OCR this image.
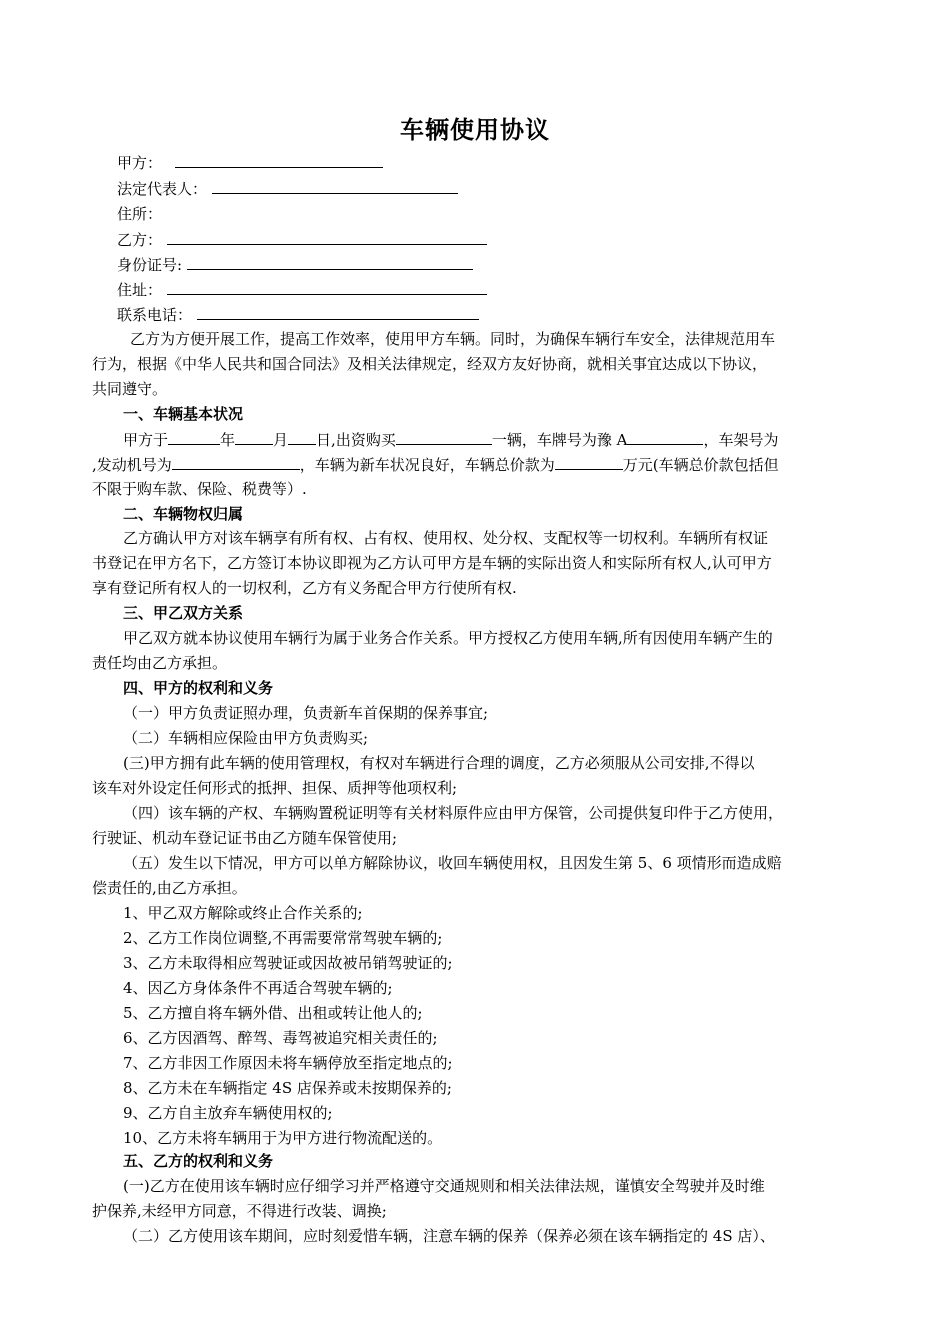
车辆使用协议
甲方：
法定代表人：
住所：
乙方：
身份证号:
住址：
联系电话：
乙方为方便开展工作，提高工作效率，使用甲方车辆。同时，为确保车辆行车安全，法律规范用车
行为，根据《中华人民共和国合同法》及相关法律规定，经双方友好协商，就相关事宜达成以下协议，
共同遵守。
一、车辆基本状况
甲方于	年	月 日,出资购买	一辆，车牌号为豫 A	，车架号为
,发动机号为	，车辆为新车状况良好，车辆总价款为	万元(车辆总价款包括但
不限于购车款、保险、税费等）.
二、车辆物权归属
乙方确认甲方对该车辆享有所有权、占有权、使用权、处分权、支配权等一切权利。车辆所有权证
书登记在甲方名下，乙方签订本协议即视为乙方认可甲方是车辆的实际出资人和实际所有权人,认可甲方
享有登记所有权人的一切权利，乙方有义务配合甲方行使所有权.
三、甲乙双方关系
甲乙双方就本协议使用车辆行为属于业务合作关系。甲方授权乙方使用车辆,所有因使用车辆产生的
责任均由乙方承担。
四、甲方的权利和义务
（一）甲方负责证照办理，负责新车首保期的保养事宜;
（二）车辆相应保险由甲方负责购买;
(三)甲方拥有此车辆的使用管理权，有权对车辆进行合理的调度，乙方必须服从公司安排,不得以
该车对外设定任何形式的抵押、担保、质押等他项权利;
（四）该车辆的产权、车辆购置税证明等有关材料原件应由甲方保管，公司提供复印件于乙方使用，
行驶证、机动车登记证书由乙方随车保管使用;
（五）发生以下情况，甲方可以单方解除协议，收回车辆使用权，且因发生第 5、6 项情形而造成赔
偿责任的,由乙方承担。
1、甲乙双方解除或终止合作关系的;
2、乙方工作岗位调整,不再需要常常驾驶车辆的;
3、乙方未取得相应驾驶证或因故被吊销驾驶证的;
4、因乙方身体条件不再适合驾驶车辆的;
5、乙方擅自将车辆外借、出租或转让他人的;
6、乙方因酒驾、醉驾、毒驾被追究相关责任的;
7、乙方非因工作原因未将车辆停放至指定地点的;
8、乙方未在车辆指定 4S 店保养或未按期保养的;
9、乙方自主放弃车辆使用权的;
10、乙方未将车辆用于为甲方进行物流配送的。
五、乙方的权利和义务
(一)乙方在使用该车辆时应仔细学习并严格遵守交通规则和相关法律法规，谨慎安全驾驶并及时维
护保养,未经甲方同意，不得进行改装、调换;
（二）乙方使用该车期间，应时刻爱惜车辆，注意车辆的保养（保养必须在该车辆指定的 4S 店）、
